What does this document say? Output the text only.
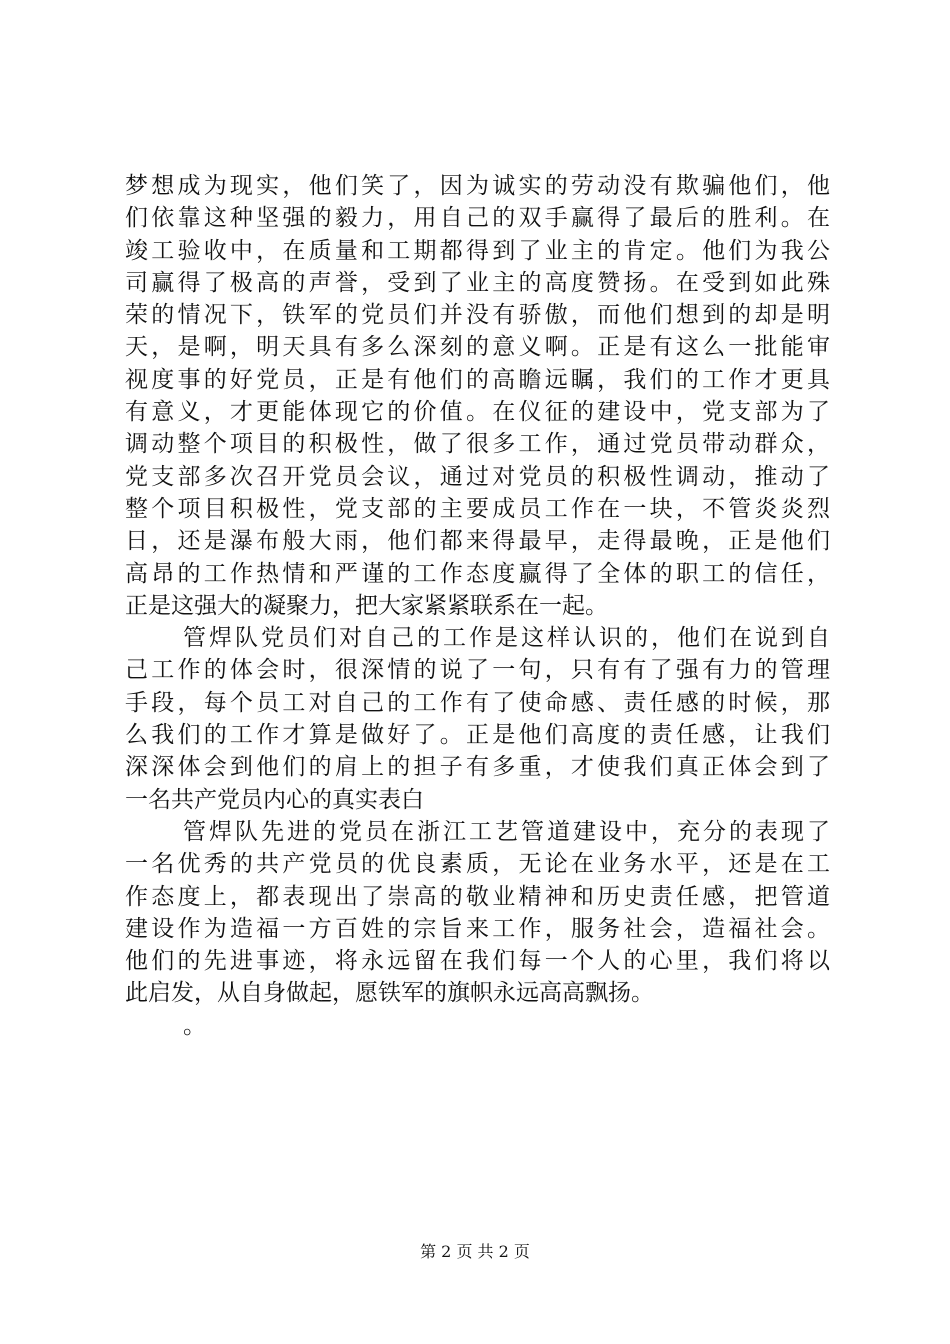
梦想成为现实，他们笑了，因为诚实的劳动没有欺骗他们，他
们依靠这种坚强的毅力，用自己的双手赢得了最后的胜利。在
竣工验收中，在质量和工期都得到了业主的肯定。他们为我公
司赢得了极高的声誉，受到了业主的高度赞扬。在受到如此殊
荣的情况下，铁军的党员们并没有骄傲，而他们想到的却是明
天，是啊，明天具有多么深刻的意义啊。正是有这么一批能审
视度事的好党员，正是有他们的高瞻远瞩，我们的工作才更具
有意义，才更能体现它的价值。在仪征的建设中，党支部为了
调动整个项目的积极性，做了很多工作，通过党员带动群众，
党支部多次召开党员会议，通过对党员的积极性调动，推动了
整个项目积极性，党支部的主要成员工作在一块，不管炎炎烈
日，还是瀑布般大雨，他们都来得最早，走得最晚，正是他们
高昂的工作热情和严谨的工作态度赢得了全体的职工的信任，
正是这强大的凝聚力，把大家紧紧联系在一起。
管焊队党员们对自己的工作是这样认识的，他们在说到自
己工作的体会时，很深情的说了一句，只有有了强有力的管理
手段，每个员工对自己的工作有了使命感、责任感的时候，那
么我们的工作才算是做好了。正是他们高度的责任感，让我们
深深体会到他们的肩上的担子有多重，才使我们真正体会到了
一名共产党员内心的真实表白
管焊队先进的党员在浙江工艺管道建设中，充分的表现了
一名优秀的共产党员的优良素质，无论在业务水平，还是在工
作态度上，都表现出了崇高的敬业精神和历史责任感，把管道
建设作为造福一方百姓的宗旨来工作，服务社会，造福社会。
他们的先进事迹，将永远留在我们每一个人的心里，我们将以
此启发，从自身做起，愿铁军的旗帜永远高高飘扬。
。
第 2 页 共 2 页
